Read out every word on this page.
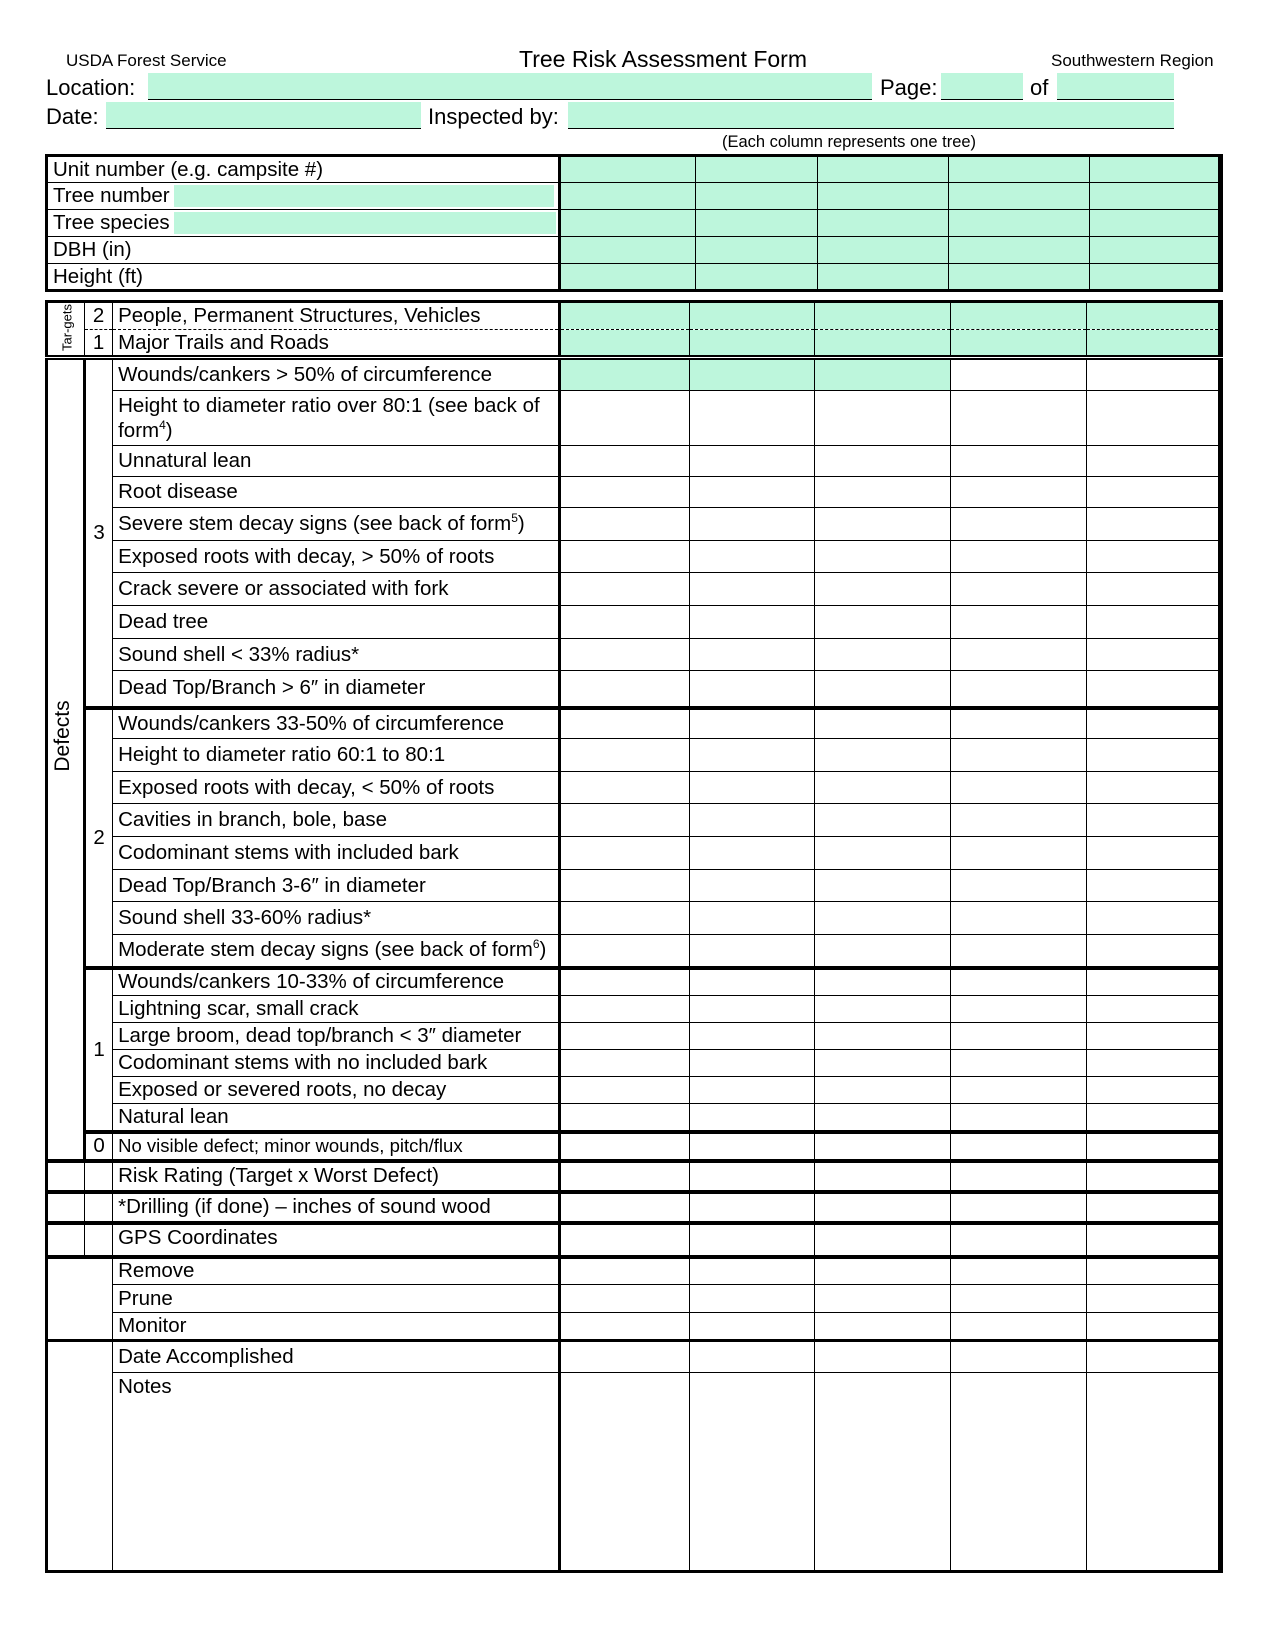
USDA Forest Service	Tree Risk Assessment Form	Southwestern Region
Location:	Page:	of
Date:	Inspected by:
(Each column represents one tree)
Unit number (e.g. campsite #)					
Tree number					
Tree species					
DBH (in)					
Height (ft)					
Tar-gets	2	People, Permanent Structures, Vehicles					
	1	Major Trails and Roads					

Defects	3	Wounds/cankers > 50% of circumference					
		Height to diameter ratio over 80:1 (see back of form$^4$)					
		Unnatural lean					
		Root disease					
		Severe stem decay signs (see back of form$^5$)					
		Exposed roots with decay, > 50% of roots					
		Crack severe or associated with fork					
		Dead tree					
		Sound shell < 33% radius*					
		Dead Top/Branch > 6″ in diameter					
	2	Wounds/cankers 33-50% of circumference					
		Height to diameter ratio 60:1 to 80:1					
		Exposed roots with decay, < 50% of roots					
		Cavities in branch, bole, base					
		Codominant stems with included bark					
		Dead Top/Branch 3-6″ in diameter					
		Sound shell 33-60% radius*					
		Moderate stem decay signs (see back of form$^6$)					
	1	Wounds/cankers 10-33% of circumference					
		Lightning scar, small crack					
		Large broom, dead top/branch < 3″ diameter					
		Codominant stems with no included bark					
		Exposed or severed roots, no decay					
		Natural lean					
	0	No visible defect; minor wounds, pitch/flux					
		Risk Rating (Target x Worst Defect)					
		*Drilling (if done) – inches of sound wood					
		GPS Coordinates					
		Remove					
		Prune					
		Monitor					
		Date Accomplished					
		Notes					
